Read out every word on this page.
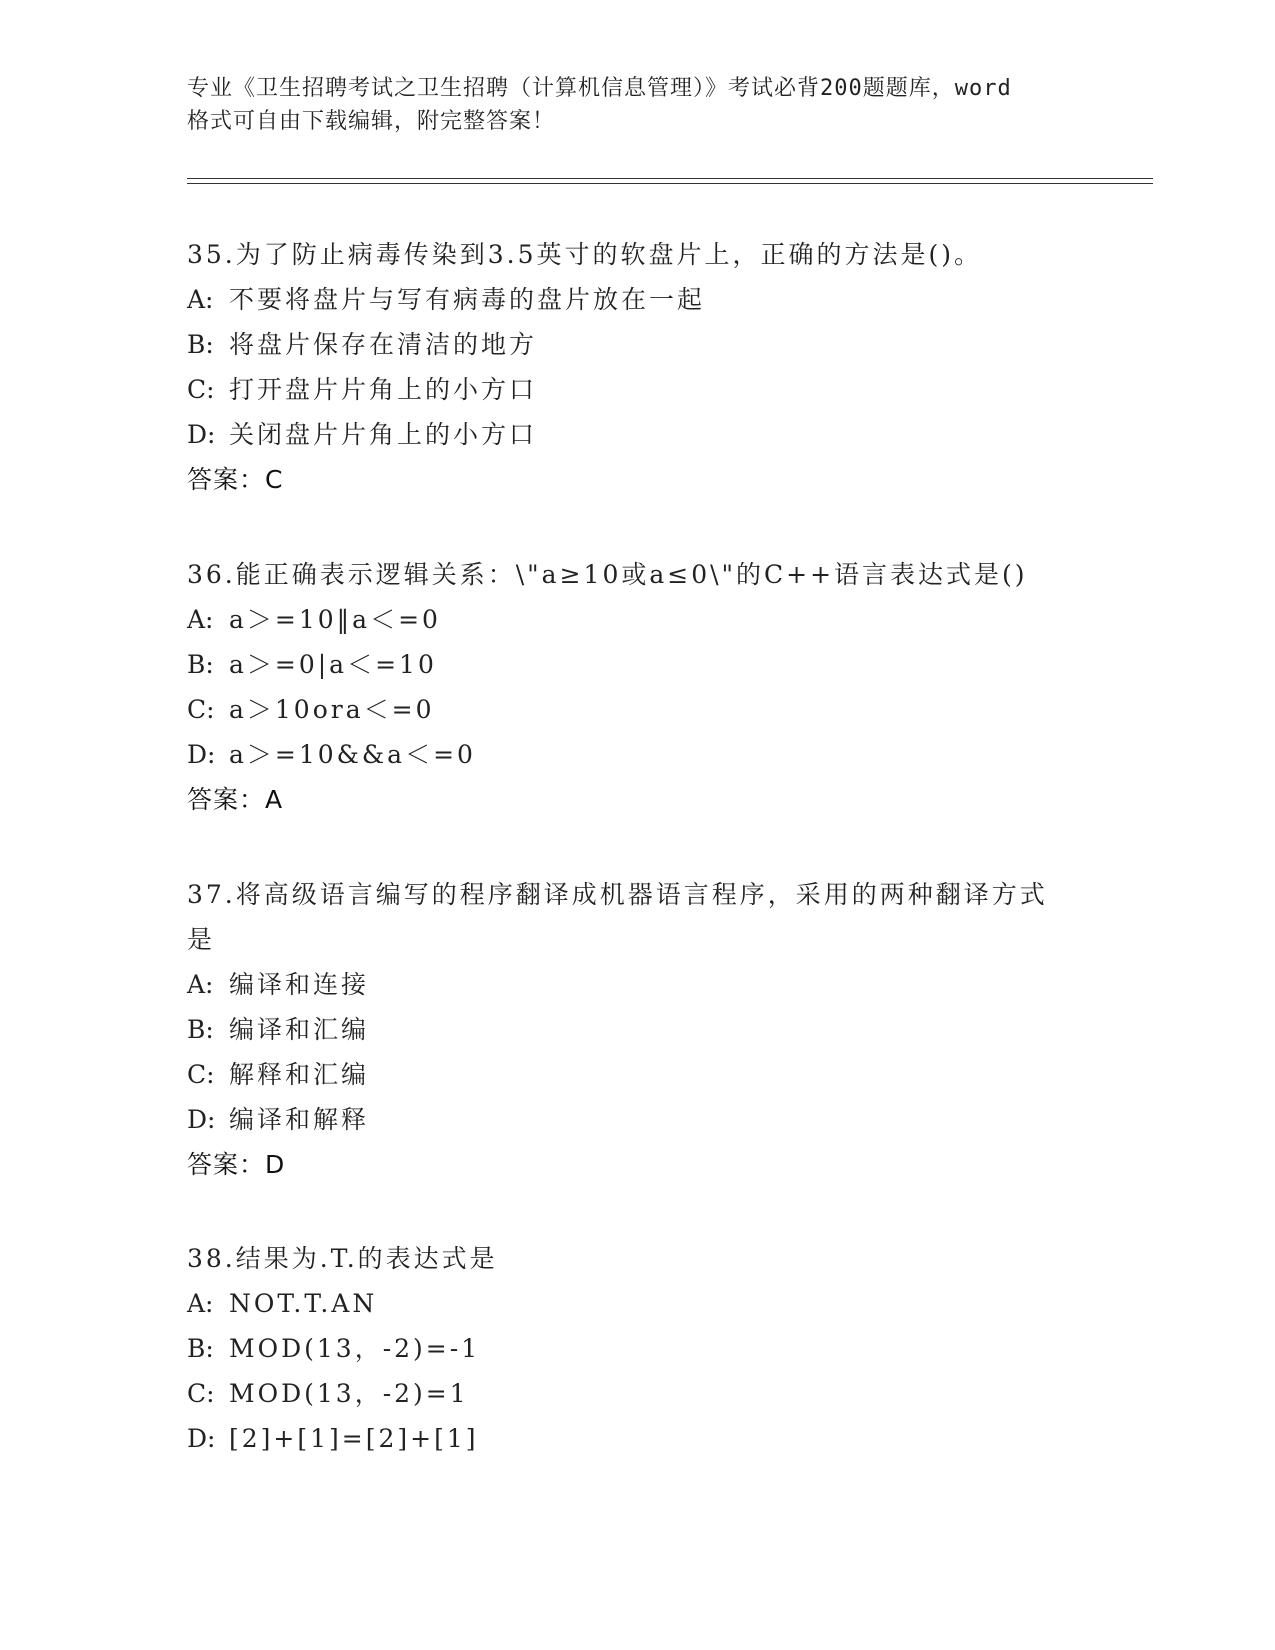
专业《卫生招聘考试之卫生招聘（计算机信息管理）》考试必背200题题库，word
格式可自由下载编辑，附完整答案！
35.为了防止病毒传染到3.5英寸的软盘片上，正确的方法是()。
A: 不要将盘片与写有病毒的盘片放在一起
B: 将盘片保存在清洁的地方
C: 打开盘片片角上的小方口
D: 关闭盘片片角上的小方口
答案：C
36.能正确表示逻辑关系：\"a≥10或a≤0\"的C++语言表达式是()
A: a＞=10‖a＜=0
B: a＞=0|a＜=10
C: a＞10ora＜=0
D: a＞=10&&a＜=0
答案：A
37.将高级语言编写的程序翻译成机器语言程序，采用的两种翻译方式是
A: 编译和连接
B: 编译和汇编
C: 解释和汇编
D: 编译和解释
答案：D
38.结果为.T.的表达式是
A: NOT.T.AN
B: MOD(13，-2)=-1
C: MOD(13，-2)=1
D: [2]+[1]=[2]+[1]
